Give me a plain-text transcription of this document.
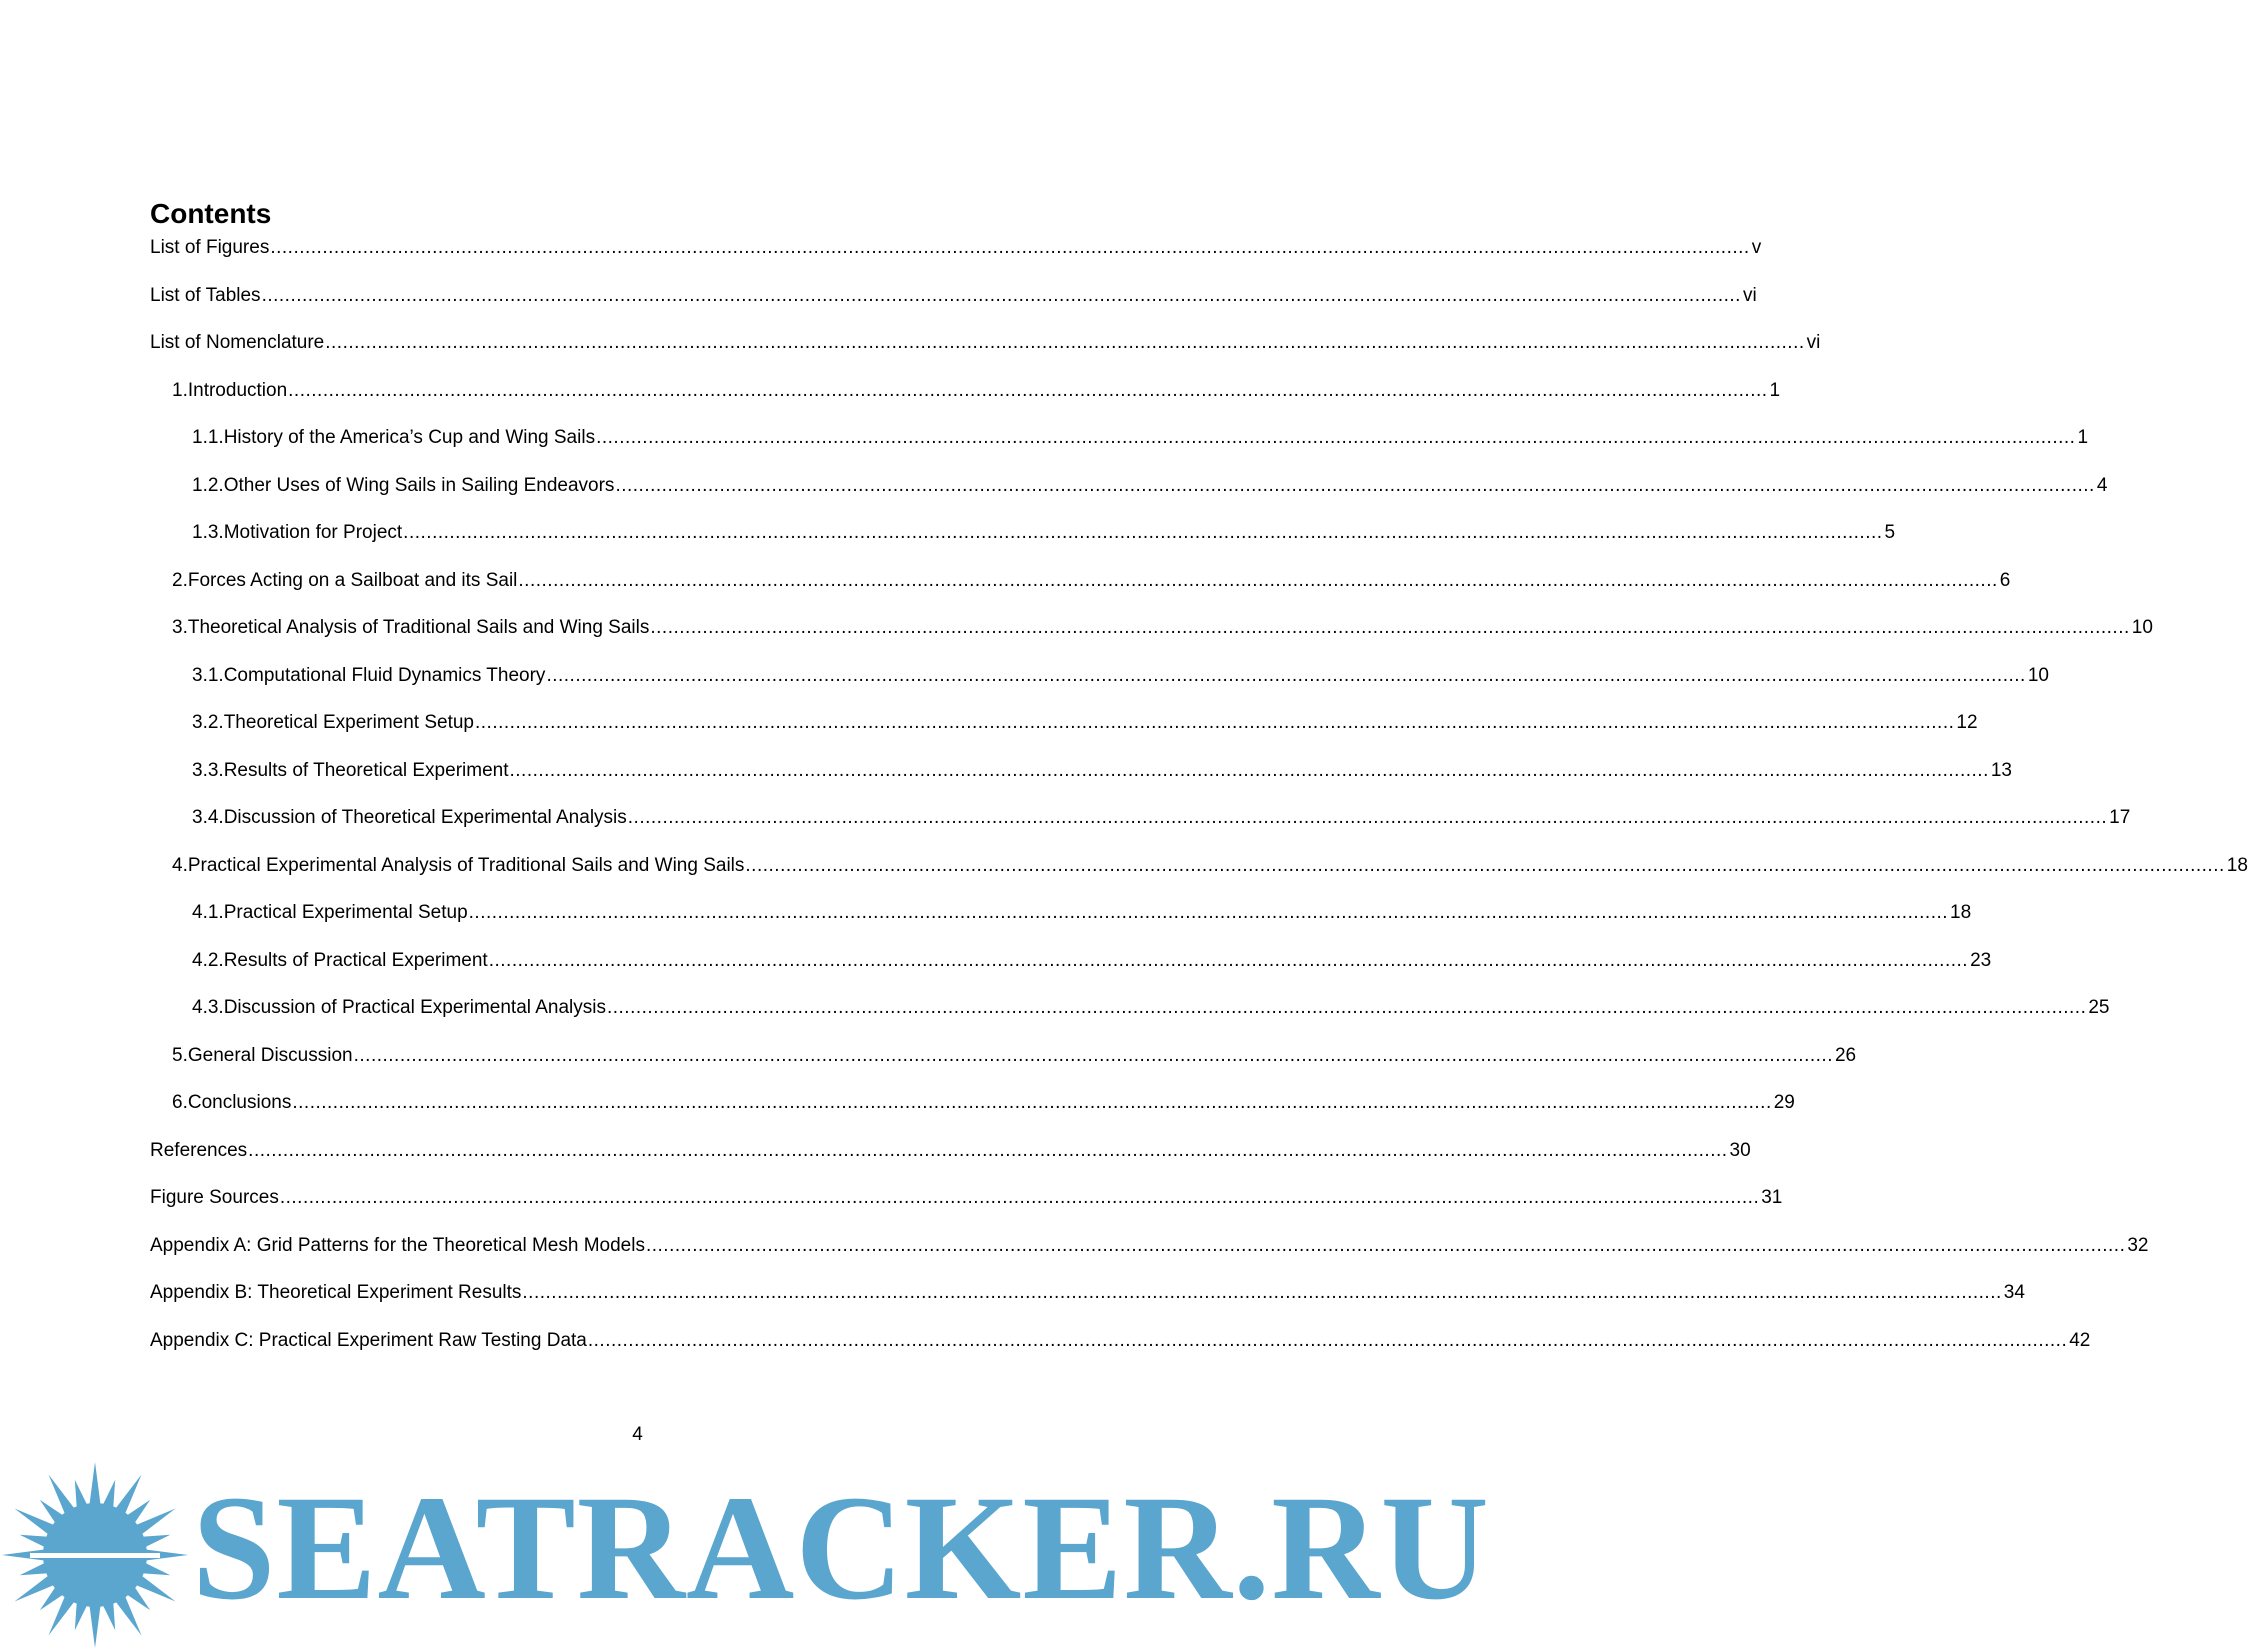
Contents
List of Figures .....	v
List of Tables .....	vi
List of Nomenclature .....	vi
1. Introduction .....	1
1.1. History of the America’s Cup and Wing Sails .....	1
1.2. Other Uses of Wing Sails in Sailing Endeavors .....	4
1.3. Motivation for Project .....	5
2. Forces Acting on a Sailboat and its Sail .....	6
3. Theoretical Analysis of Traditional Sails and Wing Sails .....	10
3.1. Computational Fluid Dynamics Theory .....	10
3.2. Theoretical Experiment Setup .....	12
3.3. Results of Theoretical Experiment .....	13
3.4. Discussion of Theoretical Experimental Analysis .....	17
4. Practical Experimental Analysis of Traditional Sails and Wing Sails .....	18
4.1. Practical Experimental Setup .....	18
4.2. Results of Practical Experiment .....	23
4.3. Discussion of Practical Experimental Analysis .....	25
5. General Discussion .....	26
6. Conclusions .....	29
References .....	30
Figure Sources .....	31
Appendix A: Grid Patterns for the Theoretical Mesh Models .....	32
Appendix B: Theoretical Experiment Results .....	34
Appendix C: Practical Experiment Raw Testing Data .....	42
4
SEATRACKER.RU
